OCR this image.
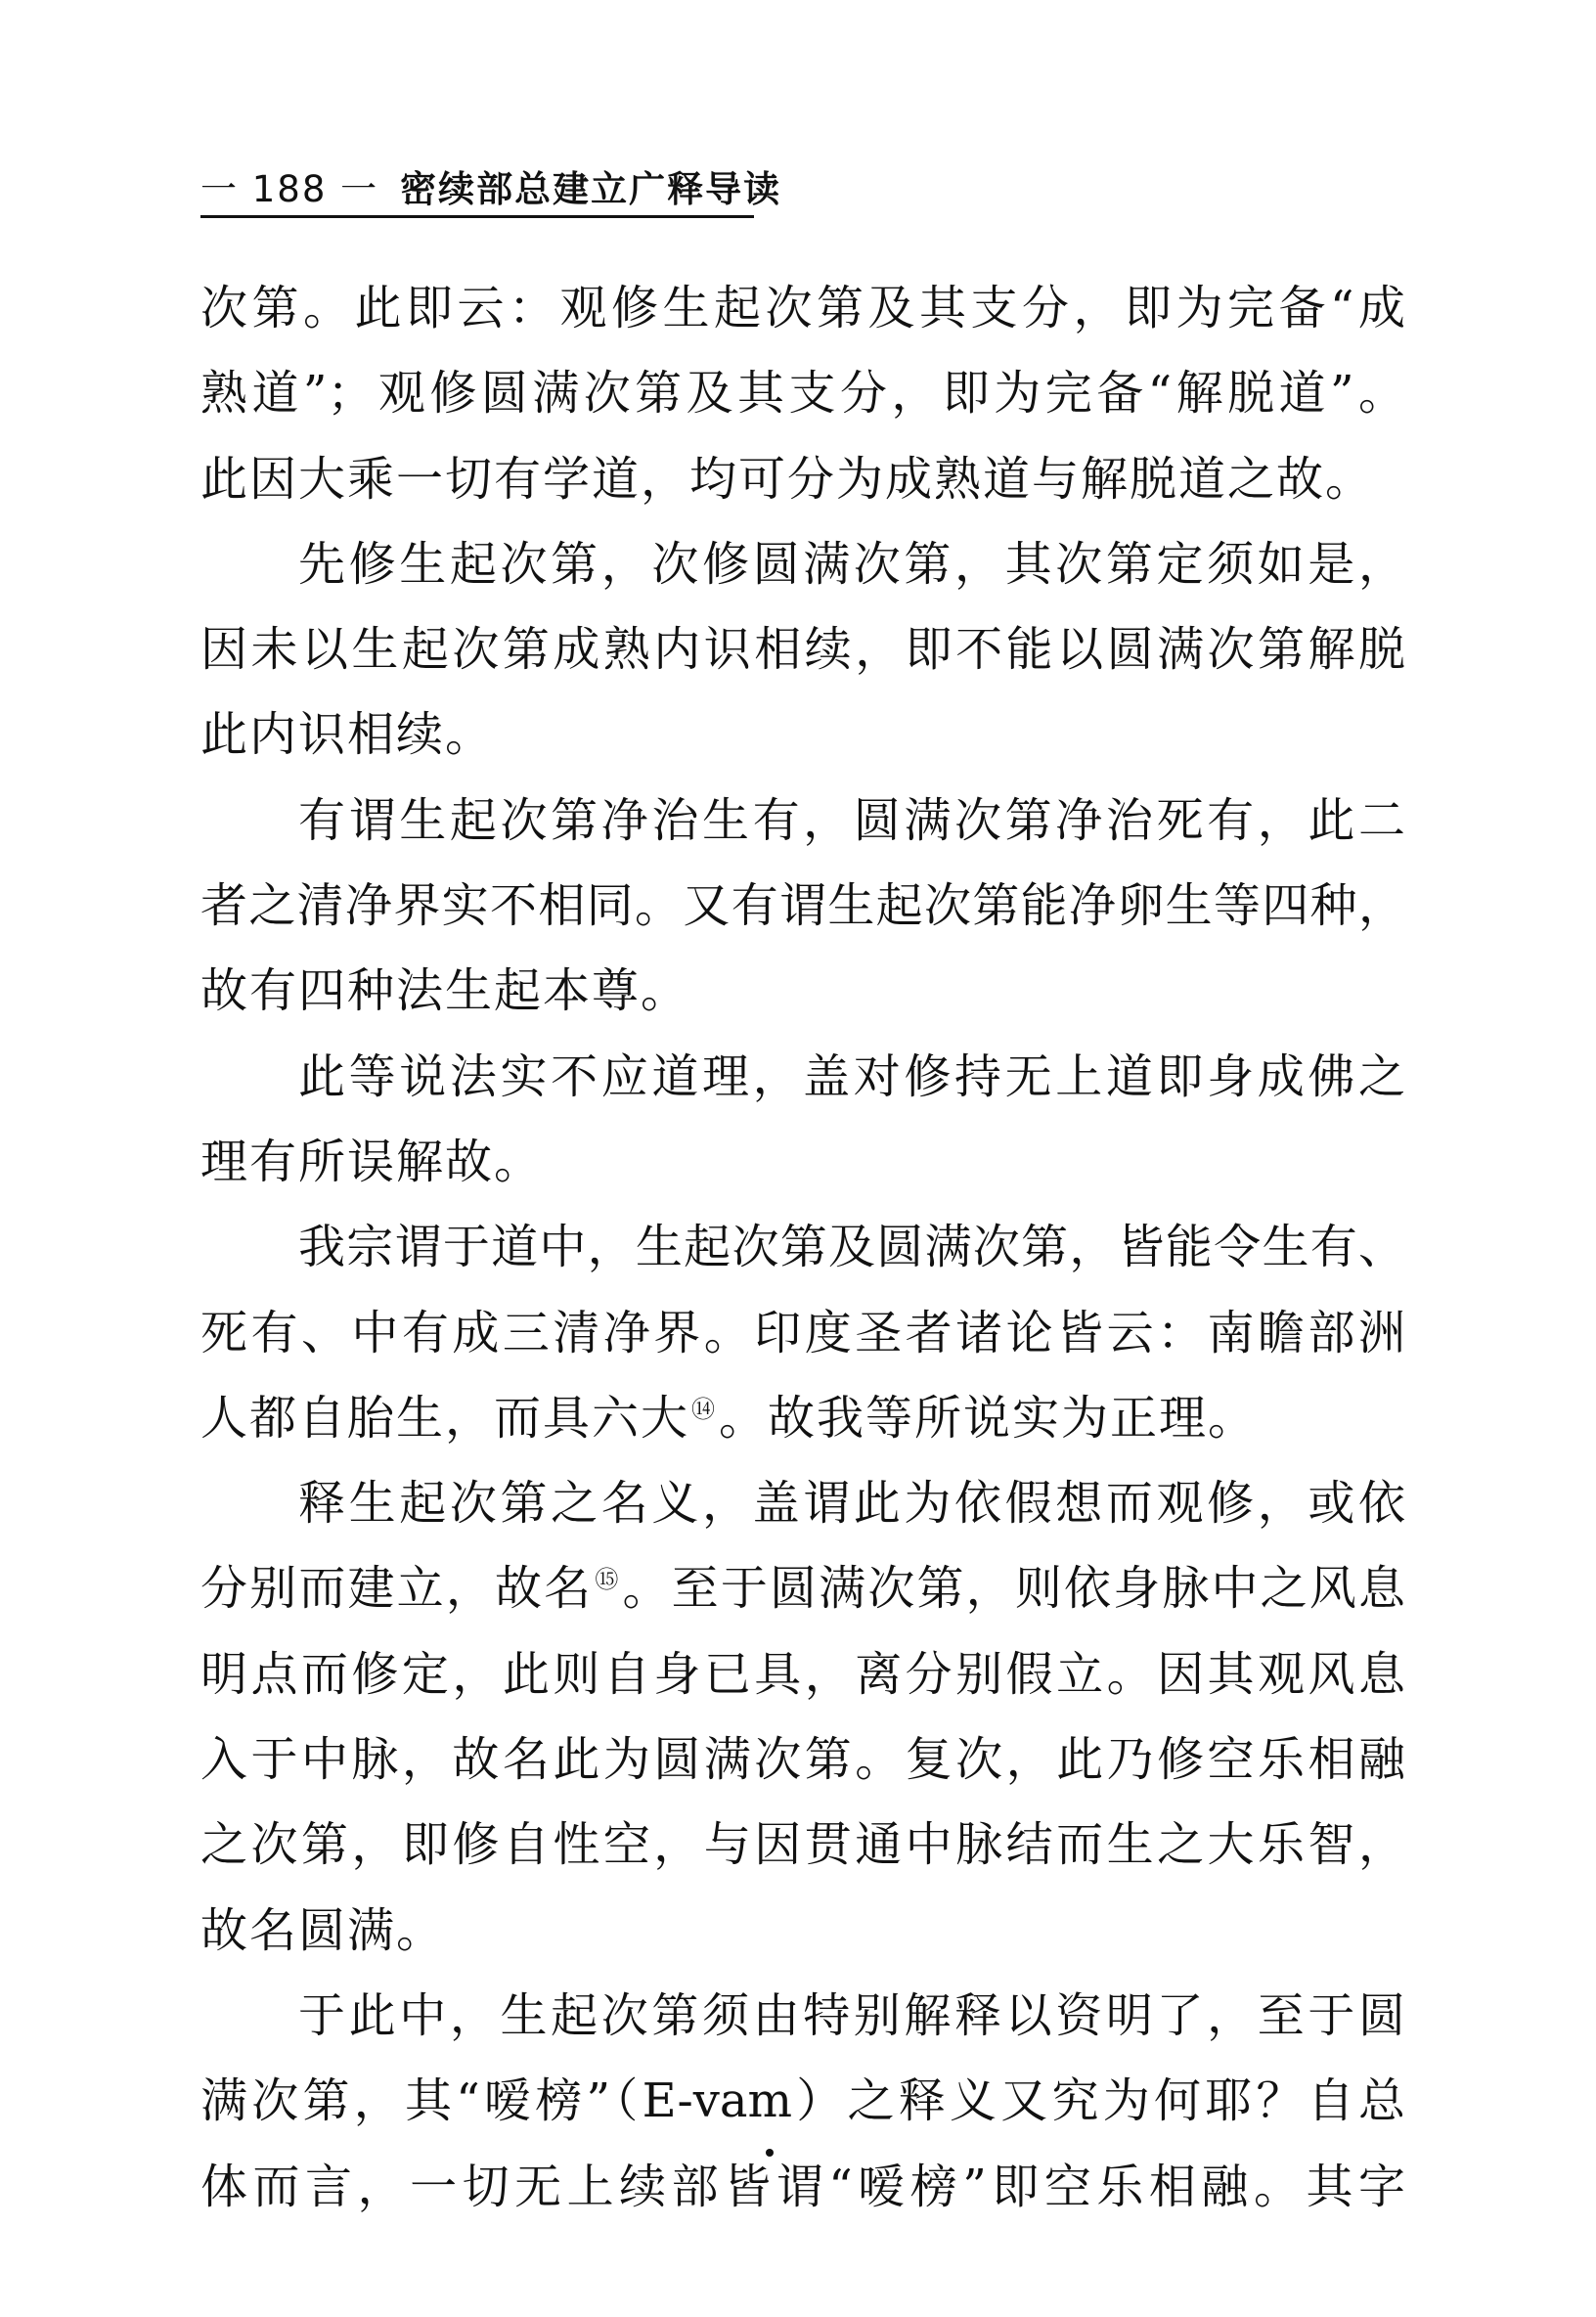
一 188 一 密续部总建立广释导读
次第。此即云：观修生起次第及其支分，即为完备“成
熟道”；观修圆满次第及其支分，即为完备“解脱道”。
此因大乘一切有学道，均可分为成熟道与解脱道之故。
先修生起次第，次修圆满次第，其次第定须如是，
因未以生起次第成熟内识相续，即不能以圆满次第解脱
此内识相续。
有谓生起次第净治生有，圆满次第净治死有，此二
者之清净界实不相同。又有谓生起次第能净卵生等四种，
故有四种法生起本尊。
此等说法实不应道理，盖对修持无上道即身成佛之
理有所误解故。
我宗谓于道中，生起次第及圆满次第，皆能令生有、
死有、中有成三清净界。印度圣者诸论皆云：南瞻部洲
人都自胎生，而具六大⑭。故我等所说实为正理。
释生起次第之名义，盖谓此为依假想而观修，或依
分别而建立，故名⑮。至于圆满次第，则依身脉中之风息
明点而修定，此则自身已具，离分别假立。因其观风息
入于中脉，故名此为圆满次第。复次，此乃修空乐相融
之次第，即修自性空，与因贯通中脉结而生之大乐智，
故名圆满。
于此中，生起次第须由特别解释以资明了，至于圆
满次第，其“嗳榜”（E-vam）之释义又究为何耶？自总
体而言，一切无上续部皆谓“嗳榜”即空乐相融。其字
